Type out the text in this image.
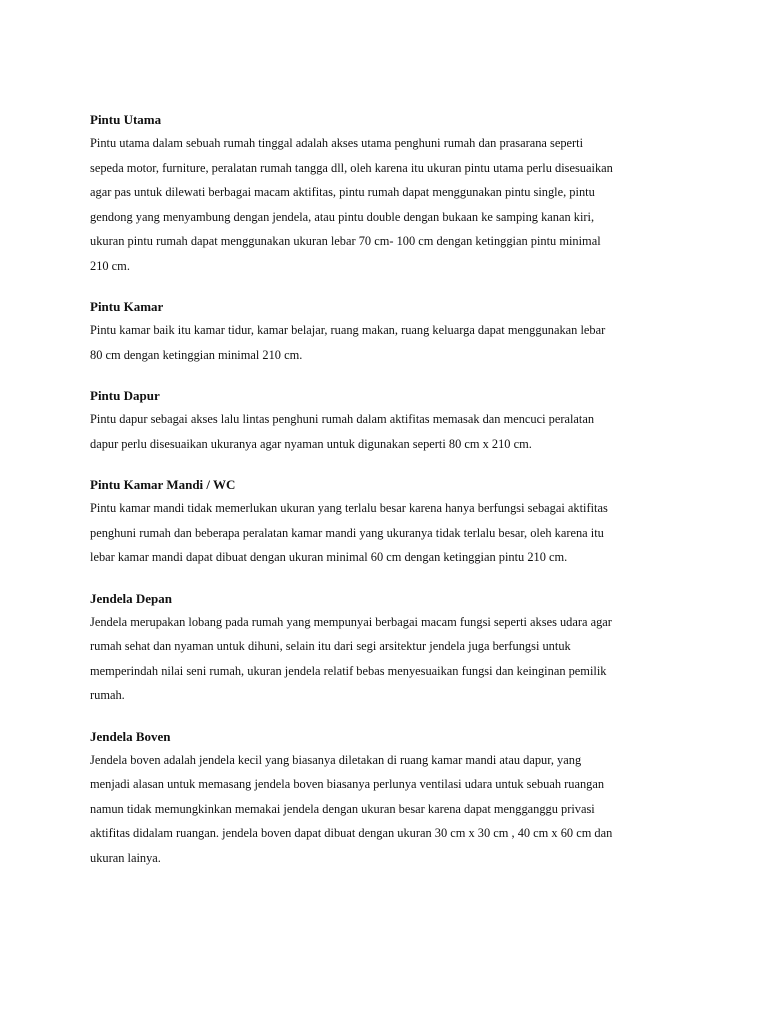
Pintu Utama
Pintu utama dalam sebuah rumah tinggal adalah akses utama penghuni rumah dan prasarana seperti
sepeda motor, furniture, peralatan rumah tangga dll, oleh karena itu ukuran pintu utama perlu disesuaikan
agar pas untuk dilewati berbagai macam aktifitas, pintu rumah dapat menggunakan pintu single, pintu
gendong yang menyambung dengan jendela, atau pintu double dengan bukaan ke samping kanan kiri,
ukuran pintu rumah dapat menggunakan ukuran lebar 70 cm- 100 cm dengan ketinggian pintu minimal
210 cm.
Pintu Kamar
Pintu kamar baik itu kamar tidur, kamar belajar, ruang makan, ruang keluarga dapat menggunakan lebar
80 cm dengan ketinggian minimal 210 cm.
Pintu Dapur
Pintu dapur sebagai akses lalu lintas penghuni rumah dalam aktifitas memasak dan mencuci peralatan
dapur perlu disesuaikan ukuranya agar nyaman untuk digunakan seperti 80 cm x 210 cm.
Pintu Kamar Mandi / WC
Pintu kamar mandi tidak memerlukan ukuran yang terlalu besar karena hanya berfungsi sebagai aktifitas
penghuni rumah dan beberapa peralatan kamar mandi yang ukuranya tidak terlalu besar, oleh karena itu
lebar kamar mandi dapat dibuat dengan ukuran minimal 60 cm dengan ketinggian pintu 210 cm.
Jendela Depan
Jendela merupakan lobang pada rumah yang mempunyai berbagai macam fungsi seperti akses udara agar
rumah sehat dan nyaman untuk dihuni, selain itu dari segi arsitektur jendela juga berfungsi untuk
memperindah nilai seni rumah, ukuran jendela relatif bebas menyesuaikan fungsi dan keinginan pemilik
rumah.
Jendela Boven
Jendela boven adalah jendela kecil yang biasanya diletakan di ruang kamar mandi atau dapur, yang
menjadi alasan untuk memasang jendela boven biasanya perlunya ventilasi udara untuk sebuah ruangan
namun tidak memungkinkan memakai jendela dengan ukuran besar karena dapat mengganggu privasi
aktifitas didalam ruangan. jendela boven dapat dibuat dengan ukuran 30 cm x 30 cm , 40 cm x 60 cm dan
ukuran lainya.
